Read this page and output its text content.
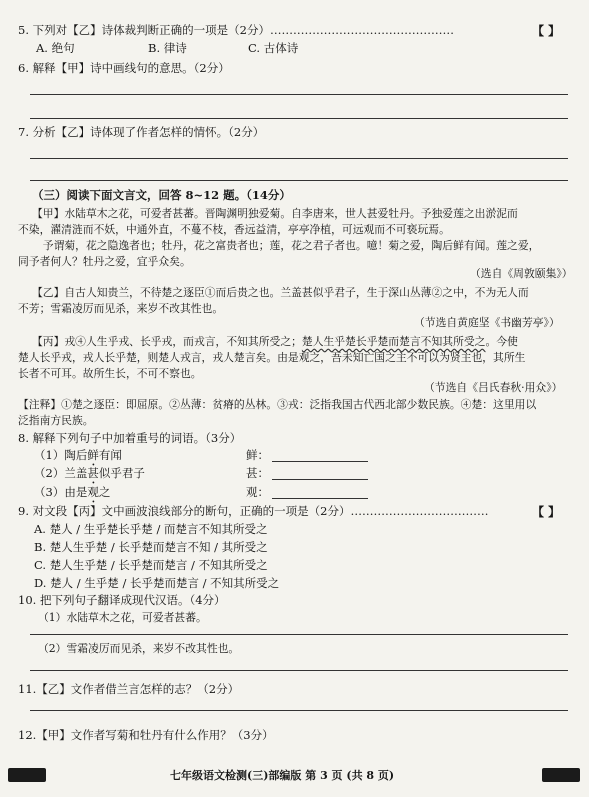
5. 下列对【乙】诗体裁判断正确的一项是（2分）…………………………………………	【 】
A. 绝句	B. 律诗	C. 古体诗
6. 解释【甲】诗中画线句的意思。（2分）
7. 分析【乙】诗体现了作者怎样的情怀。（2分）
（三）阅读下面文言文，回答 8~12 题。（14分）
【甲】水陆草木之花，可爱者甚蕃。晋陶渊明独爱菊。自李唐来，世人甚爱牡丹。予独爱莲之出淤泥而
不染，濯清涟而不妖，中通外直，不蔓不枝，香远益清，亭亭净植，可远观而不可亵玩焉。
　予谓菊，花之隐逸者也；牡丹，花之富贵者也；莲，花之君子者也。噫！菊之爱，陶后鲜有闻。莲之爱，
同予者何人？牡丹之爱，宜乎众矣。
（选自《周敦颐集》）
【乙】自古人知贵兰，不待楚之逐臣①而后贵之也。兰盖甚似乎君子，生于深山丛薄②之中，不为无人而
不芳；雪霜凌厉而见杀，来岁不改其性也。
（节选自黄庭坚《书幽芳亭》）
【丙】戎④人生乎戎、长乎戎，而戎言，不知其所受之；楚人生乎楚长乎楚而楚言不知其所受之。今使
楚人长乎戎，戎人长乎楚，则楚人戎言，戎人楚言矣。由是观之，吾未知亡国之主不可以为贤主也，其所生
长者不可耳。故所生长，不可不察也。
（节选自《吕氏春秋·用众》）
【注释】①楚之逐臣：即屈原。②丛薄：贫瘠的丛林。③戎：泛指我国古代西北部少数民族。④楚：这里用以
泛指南方民族。
8. 解释下列句子中加着重号的词语。（3分）
（1）陶后鲜有闻	鲜：
（2）兰盖甚似乎君子	甚：
（3）由是观之	观：
9. 对文段【丙】文中画波浪线部分的断句，正确的一项是（2分）………………………………	【 】
A. 楚人 / 生乎楚长乎楚 / 而楚言不知其所受之
B. 楚人生乎楚 / 长乎楚而楚言不知 / 其所受之
C. 楚人生乎楚 / 长乎楚而楚言 / 不知其所受之
D. 楚人 / 生乎楚 / 长乎楚而楚言 / 不知其所受之
10. 把下列句子翻译成现代汉语。（4分）
（1）水陆草木之花，可爱者甚蕃。
（2）雪霜凌厉而见杀，来岁不改其性也。
11.【乙】文作者借兰言怎样的志？（2分）
12.【甲】文作者写菊和牡丹有什么作用？（3分）
七年级语文检测(三)部编版 第 3 页 (共 8 页)
